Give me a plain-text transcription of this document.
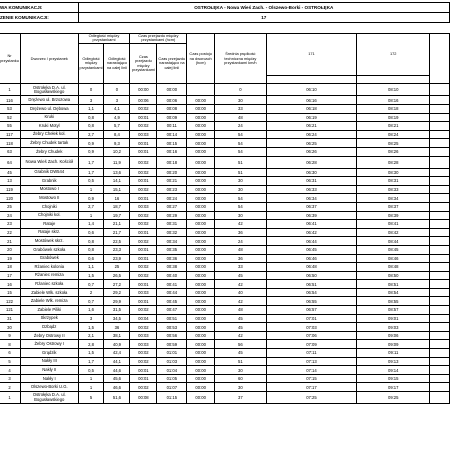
WA KOMUNIKACJI:		OSTROŁĘKA - Nowa Wieś Zach. - Olszewo-Borki - OSTROŁĘKA								
ZENIE KOMUNIKACJI:		17								

Nr przystanku	Dworzec / przystanek	Odległość między przystankami		Czas przejazdu między przystankami (hcm)		Czas postoju na dworcach (hcm)	Średnia prędkość techniczna między przystankami km/h	171	172	
		Odległość między przystankami	Odległość narastająco na całej linii	Czas przejazdu między przystankami	Czas przejazdu narastająco na całej linii					

1	Ostrołęka D.A. ul. Bogusławskiego	0	0	00:00	00:00		0	06:10	08:10	
116	Drężewo ul. Brzozowa	3	3	00:06	00:06	00:00	30	06:16	08:16	
53	Drężewo ul. Dębowa	1,1	4,1	00:02	00:08	00:00	33	06:18	08:18	
52	Kruki	0,8	4,9	00:01	00:09	00:00	48	06:19	08:19	
55	Kruki Motyl	0,8	5,7	00:02	00:11	00:00	24	06:21	08:21	
117	Żebry Chełek kol.	2,7	8,4	00:03	00:14	00:00	54	06:24	08:24	
118	Żebry Chudek tartak	0,9	9,3	00:01	00:15	00:00	54	06:25	08:25	
63	Żebry Chudek	0,9	10,2	00:01	00:16	00:00	54	06:26	08:26	
64	Nowa Wieś Zach. Kościół	1,7	11,9	00:02	00:18	00:00	51	06:28	08:28	
45	Grabnik DW544	1,7	13,6	00:02	00:20	00:00	51	06:30	08:30	
13	Grabnik	0,5	14,1	00:01	00:21	00:00	30	06:31	08:31	
119	Mostowo I	1	15,1	00:02	00:23	00:00	30	06:33	08:33	
120	Mostowo II	0,9	16	00:01	00:24	00:00	54	06:34	08:34	
25	Chojniki	2,7	18,7	00:03	00:27	00:00	54	06:37	08:37	
24	Chojniki kol.	1	19,7	00:02	00:29	00:00	30	06:39	08:39	
23	Rataje	1,4	21,1	00:02	00:31	00:00	42	06:41	08:41	
22	Rataje skrz.	0,6	21,7	00:01	00:32	00:00	36	06:42	08:42	
21	Mostówek skrz.	0,8	22,5	00:02	00:34	00:00	24	06:44	08:44	
20	Grabówek szkoła	0,8	23,3	00:01	00:35	00:00	48	06:45	08:45	
19	Grabówek	0,6	23,9	00:01	00:36	00:00	36	06:46	08:46	
18	Rżaniec kolonia	1,1	25	00:02	00:38	00:00	33	06:48	08:48	
17	Rżaniec remiza	1,5	26,5	00:02	00:40	00:00	45	06:50	08:50	
16	Rżaniec szkoła	0,7	27,2	00:01	00:41	00:00	42	06:51	08:51	
15	Zabiele Wlk. szkoła	2	29,2	00:03	00:44	00:00	40	06:54	08:54	
122	Zabiele Wlk. remiza	0,7	29,9	00:01	00:45	00:00	42	06:55	08:55	
121	Zabiele Piliki	1,6	31,5	00:02	00:47	00:00	48	06:57	08:57	
31	Skrzypek	3	34,5	00:04	00:51	00:00	45	07:01	09:01	
30	Dzbądz	1,5	36	00:02	00:53	00:00	45	07:03	09:03	
9	Żebry Ostrowy II	2,1	38,1	00:03	00:56	00:00	42	07:06	09:06	
8	Żebry Ostrowy I	2,8	40,9	00:03	00:59	00:00	56	07:09	09:09	
6	Grądzik	1,5	42,4	00:02	01:01	00:00	45	07:11	09:11	
5	Nakły III	1,7	44,1	00:02	01:03	00:00	51	07:13	09:13	
4	Nakły II	0,5	44,6	00:01	01:04	00:00	30	07:14	09:14	
3	Nakły I	1	45,6	00:01	01:05	00:00	60	07:15	09:15	
2	Olszewo-Borki U.G.	1	46,6	00:02	01:07	00:00	30	07:17	09:17	
1	Ostrołęka D.A. ul. Bogusławskiego	5	51,6	00:08	01:15	00:00	37	07:25	09:25	
